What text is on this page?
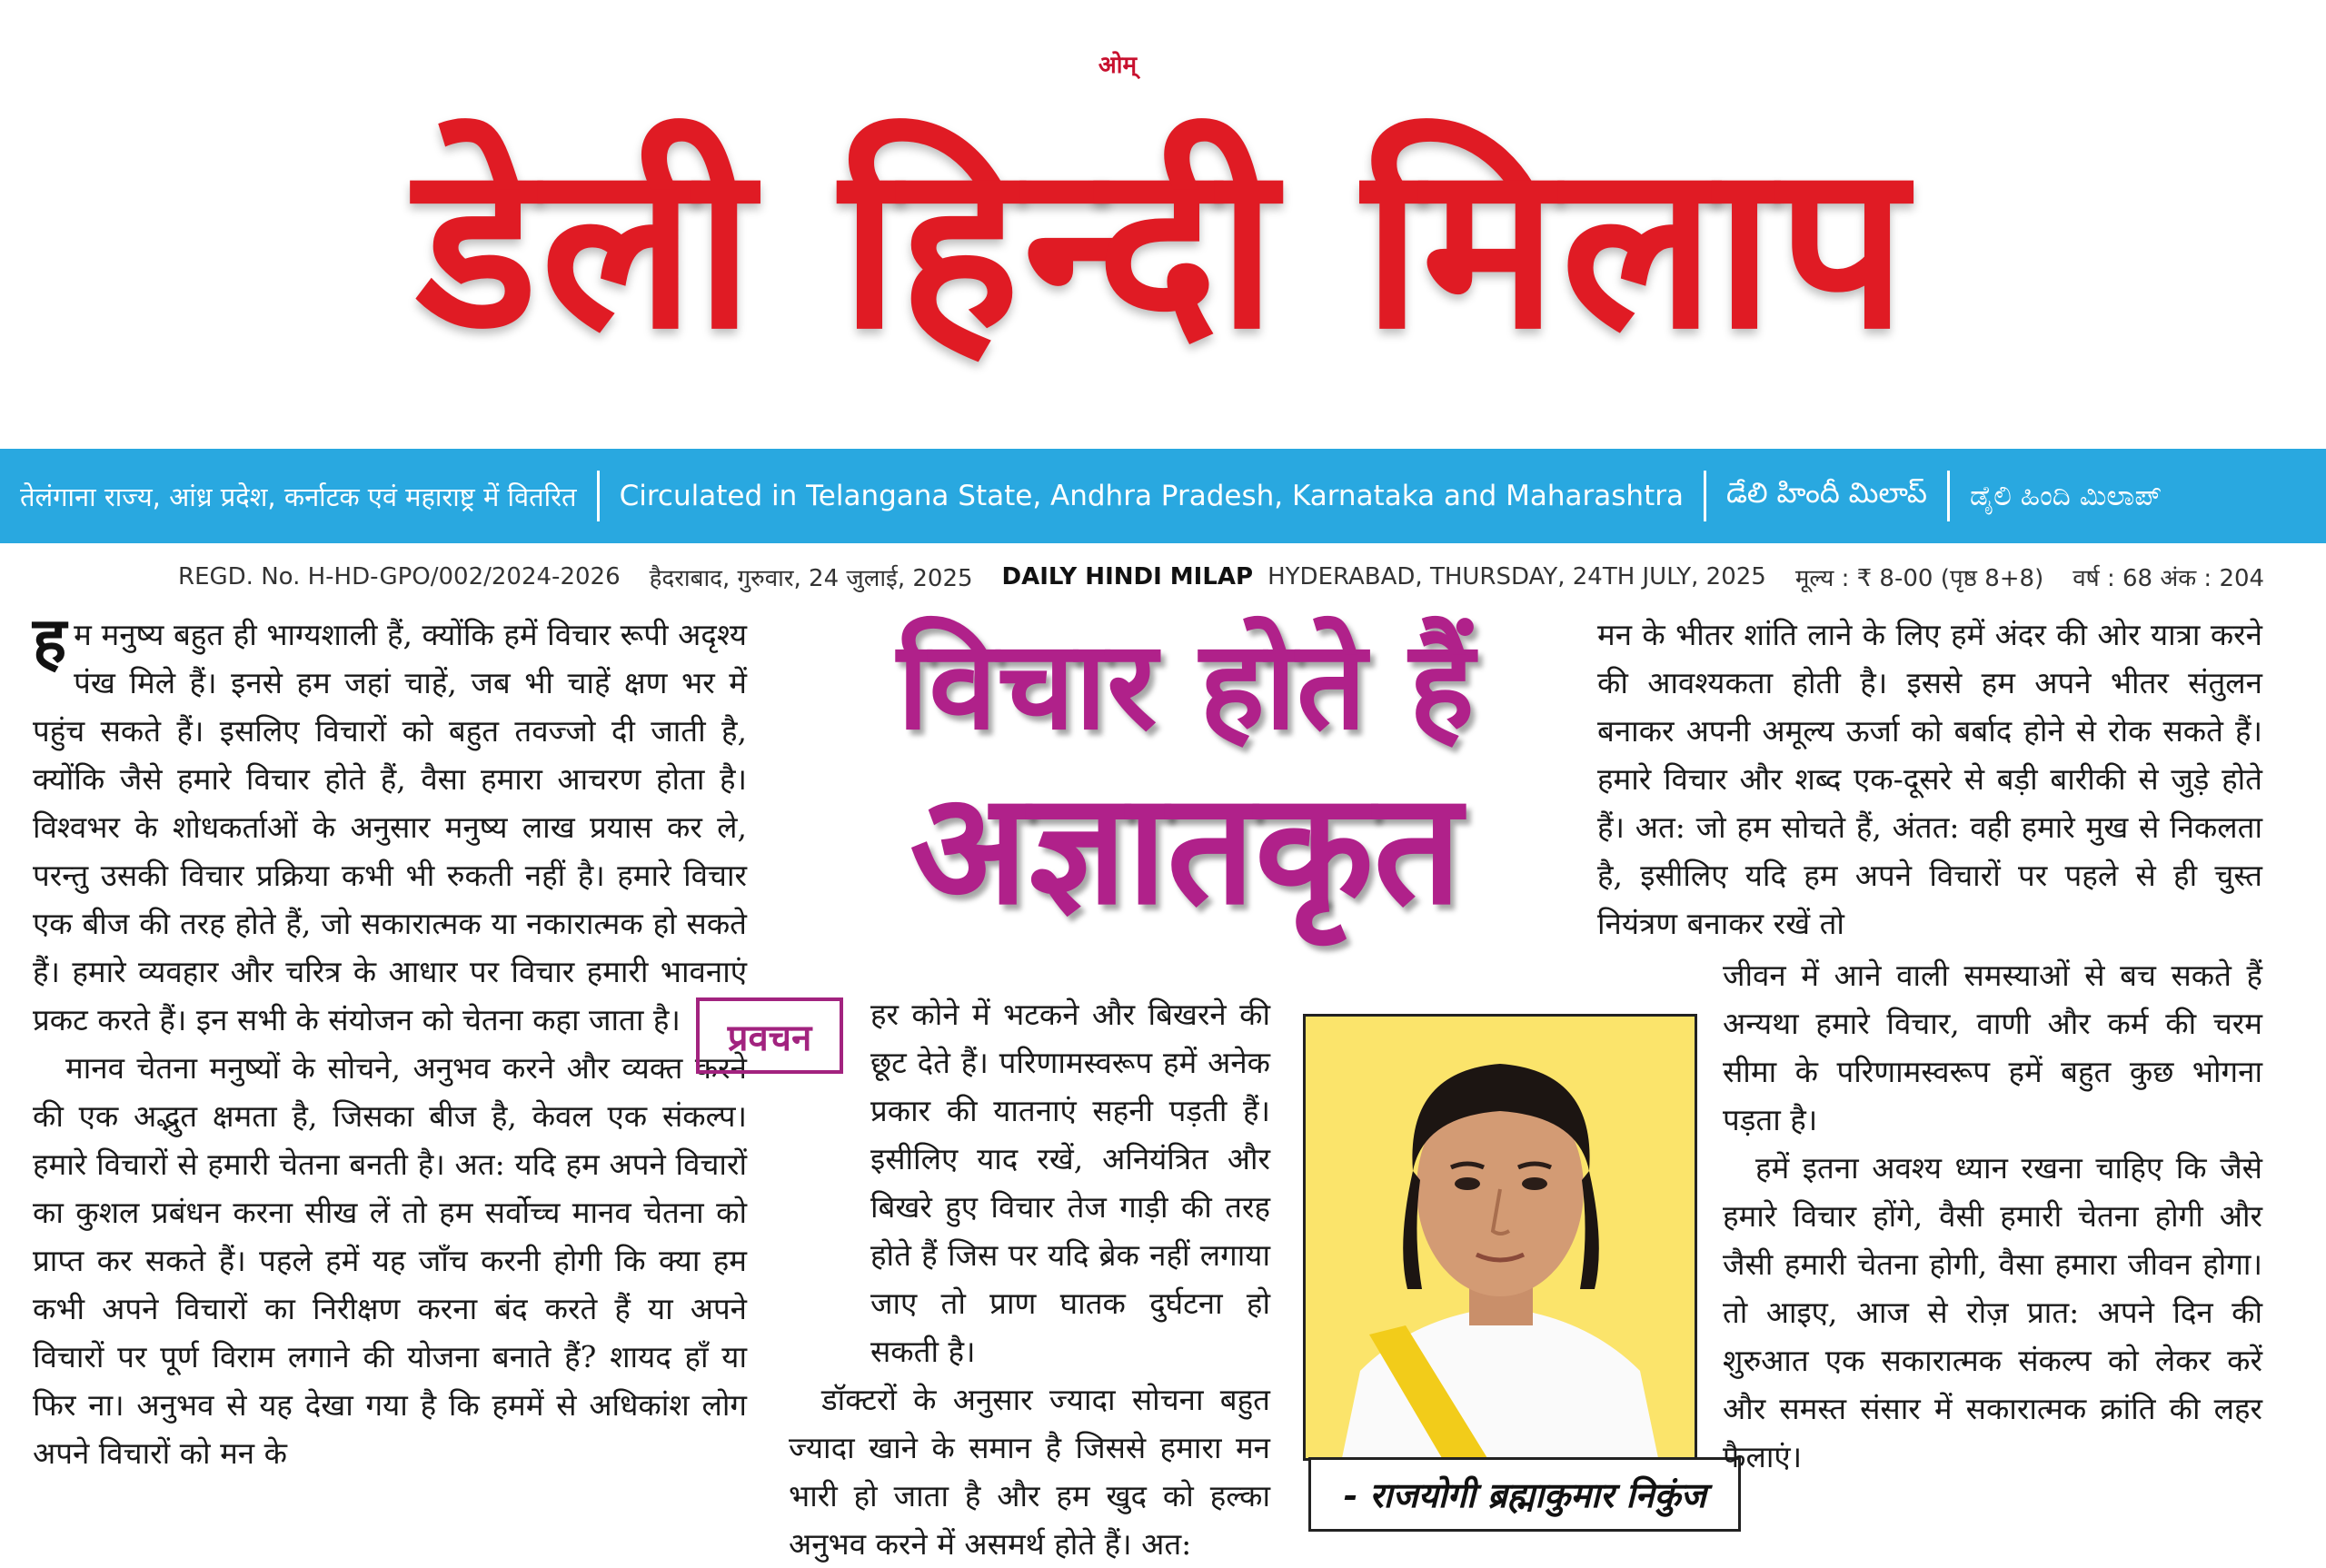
ओम्
डेली हिन्दी मिलाप
तेलंगाना राज्य, आंध्र प्रदेश, कर्नाटक एवं महाराष्ट्र में वितरित	Circulated in Telangana State, Andhra Pradesh, Karnataka and Maharashtra	డేలి హిందీ మిలాప్	ಡೈಲಿ ಹಿಂದಿ ಮಿಲಾಪ್
REGD. No. H-HD-GPO/002/2024-2026 हैदराबाद, गुरुवार, 24 जुलाई, 2025 DAILY HINDI MILAP HYDERABAD, THURSDAY, 24TH JULY, 2025 मूल्य : ₹ 8-00 (पृष्ठ 8+8) वर्ष : 68 अंक : 204

हम मनुष्य बहुत ही भाग्यशाली हैं, क्योंकि हमें विचार रूपी अदृश्य पंख मिले हैं। इनसे हम जहां चाहें, जब भी चाहें क्षण भर में पहुंच सकते हैं। इसलिए विचारों को बहुत तवज्जो दी जाती है, क्योंकि जैसे हमारे विचार होते हैं, वैसा हमारा आचरण होता है। विश्वभर के शोधकर्ताओं के अनुसार मनुष्य लाख प्रयास कर ले, परन्तु उसकी विचार प्रक्रिया कभी भी रुकती नहीं है। हमारे विचार एक बीज की तरह होते हैं, जो सकारात्मक या नकारात्मक हो सकते हैं। हमारे व्यवहार और चरित्र के आधार पर विचार हमारी भावनाएं प्रकट करते हैं। इन सभी के संयोजन को चेतना कहा जाता है।

मानव चेतना मनुष्यों के सोचने, अनुभव करने और व्यक्त करने की एक अद्भुत क्षमता है, जिसका बीज है, केवल एक संकल्प। हमारे विचारों से हमारी चेतना बनती है। अत: यदि हम अपने विचारों का कुशल प्रबंधन करना सीख लें तो हम सर्वोच्च मानव चेतना को प्राप्त कर सकते हैं। पहले हमें यह जाँच करनी होगी कि क्या हम कभी अपने विचारों का निरीक्षण करना बंद करते हैं या अपने विचारों पर पूर्ण विराम लगाने की योजना बनाते हैं? शायद हाँ या फिर ना। अनुभव से यह देखा गया है कि हममें से अधिकांश लोग अपने विचारों को मन के

विचार होते हैं
अज्ञातकृत
प्रवचन

हर कोने में भटकने और बिखरने की छूट देते हैं। परिणामस्वरूप हमें अनेक प्रकार की यातनाएं सहनी पड़ती हैं। इसीलिए याद रखें, अनियंत्रित और बिखरे हुए विचार तेज गाड़ी की तरह होते हैं जिस पर यदि ब्रेक नहीं लगाया जाए तो प्राण घातक दुर्घटना हो सकती है।

डॉक्टरों के अनुसार ज्यादा सोचना बहुत ज्यादा खाने के समान है जिससे हमारा मन भारी हो जाता है और हम खुद को हल्का अनुभव करने में असमर्थ होते हैं। अत:

- राजयोगी ब्रह्माकुमार निकुंज

मन के भीतर शांति लाने के लिए हमें अंदर की ओर यात्रा करने की आवश्यकता होती है। इससे हम अपने भीतर संतुलन बनाकर अपनी अमूल्य ऊर्जा को बर्बाद होने से रोक सकते हैं। हमारे विचार और शब्द एक-दूसरे से बड़ी बारीकी से जुड़े होते हैं। अत: जो हम सोचते हैं, अंतत: वही हमारे मुख से निकलता है, इसीलिए यदि हम अपने विचारों पर पहले से ही चुस्त नियंत्रण बनाकर रखें तो

जीवन में आने वाली समस्याओं से बच सकते हैं अन्यथा हमारे विचार, वाणी और कर्म की चरम सीमा के परिणामस्वरूप हमें बहुत कुछ भोगना पड़ता है।

हमें इतना अवश्य ध्यान रखना चाहिए कि जैसे हमारे विचार होंगे, वैसी हमारी चेतना होगी और जैसी हमारी चेतना होगी, वैसा हमारा जीवन होगा। तो आइए, आज से रोज़ प्रात: अपने दिन की शुरुआत एक सकारात्मक संकल्प को लेकर करें और समस्त संसार में सकारात्मक क्रांति की लहर फैलाएं।
